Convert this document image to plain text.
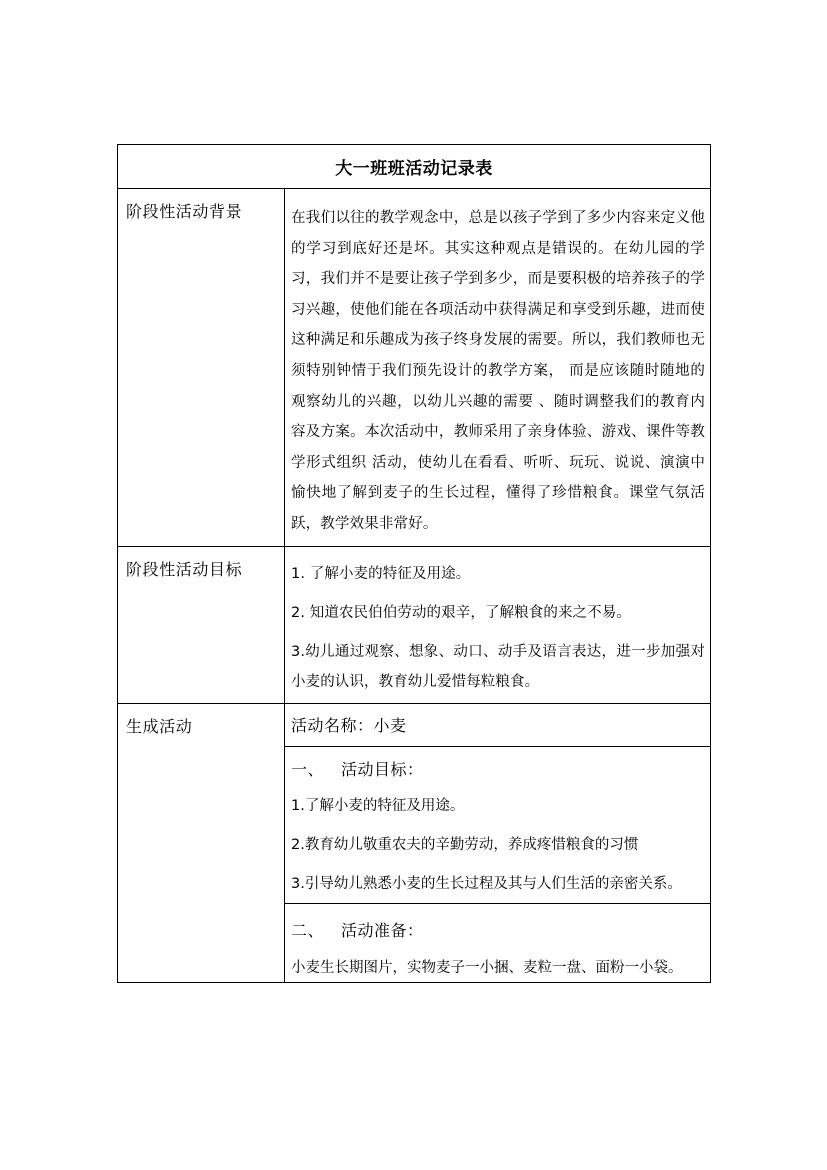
大一班班活动记录表	
阶段性活动背景	在我们以往的教学观念中，总是以孩子学到了多少内容来定义他的学习到底好还是坏。其实这种观点是错误的。在幼儿园的学习，我们并不是要让孩子学到多少，而是要积极的培养孩子的学习兴趣，使他们能在各项活动中获得满足和享受到乐趣，进而使这种满足和乐趣成为孩子终身发展的需要。所以，我们教师也无须特别钟情于我们预先设计的教学方案， 而是应该随时随地的观察幼儿的兴趣，以幼儿兴趣的需要 、随时调整我们的教育内容及方案。本次活动中，教师采用了亲身体验、游戏、课件等教学形式组织 活动，使幼儿在看看、听听、玩玩、说说、演演中愉快地了解到麦子的生长过程，懂得了珍惜粮食。课堂气氛活跃，教学效果非常好。

阶段性活动目标	1. 了解小麦的特征及用途。

2. 知道农民伯伯劳动的艰辛，了解粮食的来之不易。

3.幼儿通过观察、想象、动口、动手及语言表达，进一步加强对小麦的认识，教育幼儿爱惜每粒粮食。

生成活动	活动名称：小麦

	一、 活动目标：

1.了解小麦的特征及用途。

2.教育幼儿敬重农夫的辛勤劳动，养成疼惜粮食的习惯

3.引导幼儿熟悉小麦的生长过程及其与人们生活的亲密关系。

	二、 活动准备：

小麦生长期图片，实物麦子一小捆、麦粒一盘、面粉一小袋。
